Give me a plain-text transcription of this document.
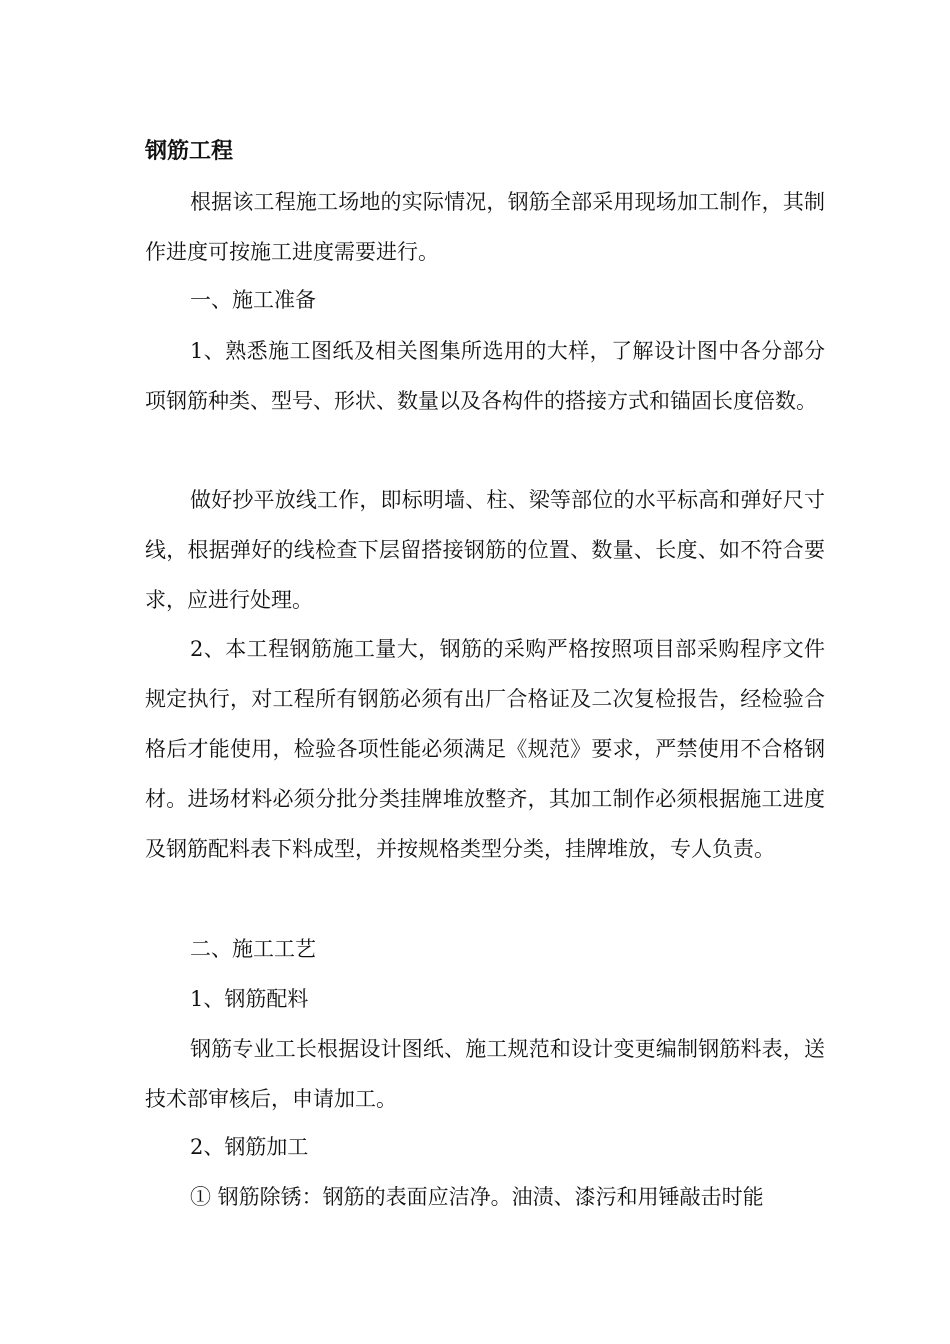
钢筋工程

根据该工程施工场地的实际情况，钢筋全部采用现场加工制作，其制作进度可按施工进度需要进行。

一、施工准备

1、熟悉施工图纸及相关图集所选用的大样，了解设计图中各分部分项钢筋种类、型号、形状、数量以及各构件的搭接方式和锚固长度倍数。

做好抄平放线工作，即标明墙、柱、梁等部位的水平标高和弹好尺寸线，根据弹好的线检查下层留搭接钢筋的位置、数量、长度、如不符合要求，应进行处理。

2、本工程钢筋施工量大，钢筋的采购严格按照项目部采购程序文件规定执行，对工程所有钢筋必须有出厂合格证及二次复检报告，经检验合格后才能使用，检验各项性能必须满足《规范》要求，严禁使用不合格钢材。进场材料必须分批分类挂牌堆放整齐，其加工制作必须根据施工进度及钢筋配料表下料成型，并按规格类型分类，挂牌堆放，专人负责。

二、施工工艺

1、钢筋配料

钢筋专业工长根据设计图纸、施工规范和设计变更编制钢筋料表，送技术部审核后，申请加工。

2、钢筋加工

① 钢筋除锈：钢筋的表面应洁净。油渍、漆污和用锤敲击时能
